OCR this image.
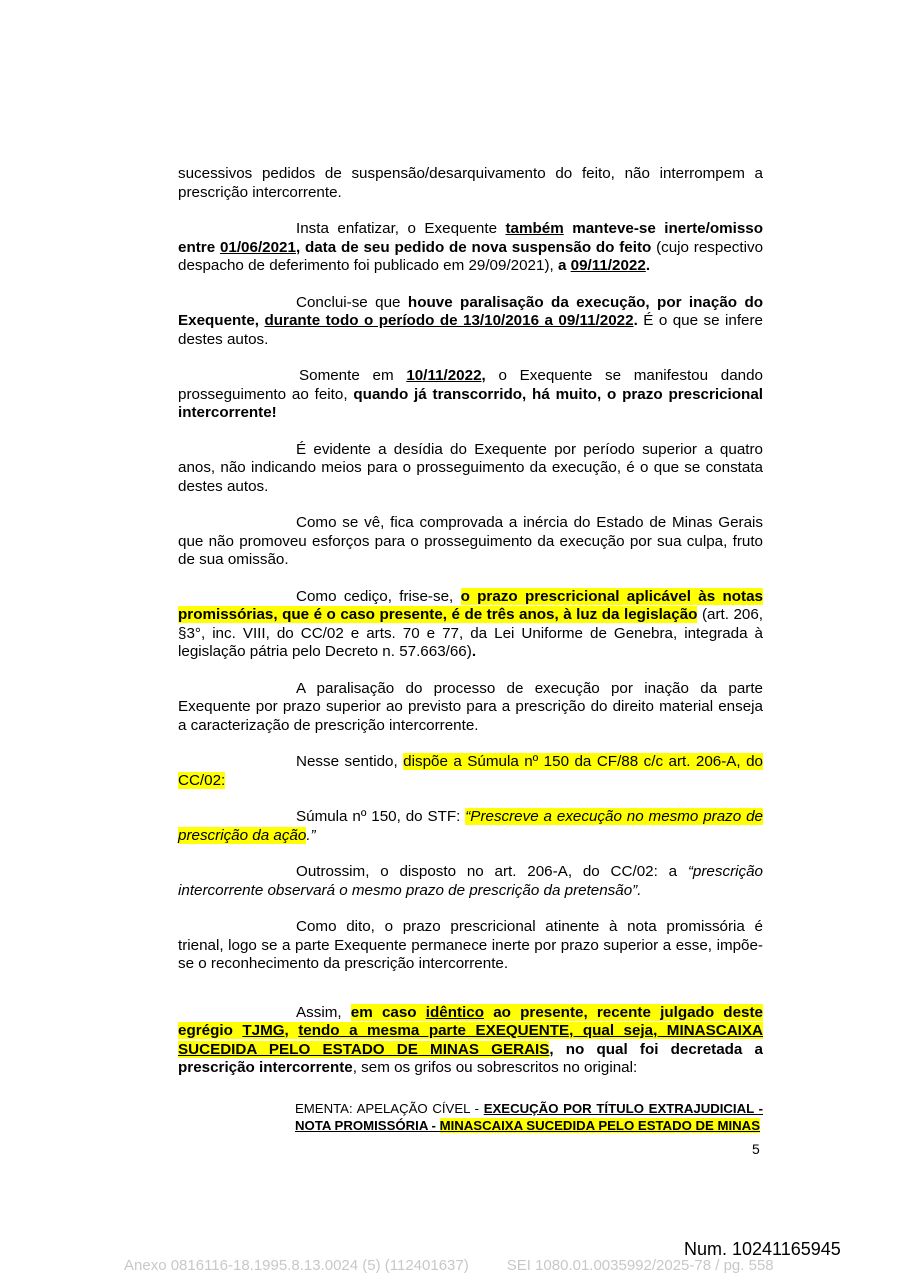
sucessivos pedidos de suspensão/desarquivamento do feito, não interrompem a prescrição intercorrente.

Insta enfatizar, o Exequente também manteve-se inerte/omisso entre 01/06/2021, data de seu pedido de nova suspensão do feito (cujo respectivo despacho de deferimento foi publicado em 29/09/2021), a 09/11/2022.

Conclui-se que houve paralisação da execução, por inação do Exequente, durante todo o período de 13/10/2016 a 09/11/2022. É o que se infere destes autos.

Somente em 10/11/2022, o Exequente se manifestou dando prosseguimento ao feito, quando já transcorrido, há muito, o prazo prescricional intercorrente!

É evidente a desídia do Exequente por período superior a quatro anos, não indicando meios para o prosseguimento da execução, é o que se constata destes autos.

Como se vê, fica comprovada a inércia do Estado de Minas Gerais que não promoveu esforços para o prosseguimento da execução por sua culpa, fruto de sua omissão.

Como cediço, frise-se, o prazo prescricional aplicável às notas promissórias, que é o caso presente, é de três anos, à luz da legislação (art. 206, §3°, inc. VIII, do CC/02 e arts. 70 e 77, da Lei Uniforme de Genebra, integrada à legislação pátria pelo Decreto n. 57.663/66).

A paralisação do processo de execução por inação da parte Exequente por prazo superior ao previsto para a prescrição do direito material enseja a caracterização de prescrição intercorrente.

Nesse sentido, dispõe a Súmula nº 150 da CF/88 c/c art. 206-A, do CC/02:

Súmula nº 150, do STF: “Prescreve a execução no mesmo prazo de prescrição da ação.”

Outrossim, o disposto no art. 206-A, do CC/02: a “prescrição intercorrente observará o mesmo prazo de prescrição da pretensão”.

Como dito, o prazo prescricional atinente à nota promissória é trienal, logo se a parte Exequente permanece inerte por prazo superior a esse, impõe-se o reconhecimento da prescrição intercorrente.

Assim, em caso idêntico ao presente, recente julgado deste egrégio TJMG, tendo a mesma parte EXEQUENTE, qual seja, MINASCAIXA SUCEDIDA PELO ESTADO DE MINAS GERAIS, no qual foi decretada a prescrição intercorrente, sem os grifos ou sobrescritos no original:

EMENTA: APELAÇÃO CÍVEL - EXECUÇÃO POR TÍTULO EXTRAJUDICIAL - NOTA PROMISSÓRIA - MINASCAIXA SUCEDIDA PELO ESTADO DE MINAS
5
Num. 10241165945
Anexo 0816116-18.1995.8.13.0024 (5) (112401637)	SEI 1080.01.0035992/2025-78 / pg. 558
